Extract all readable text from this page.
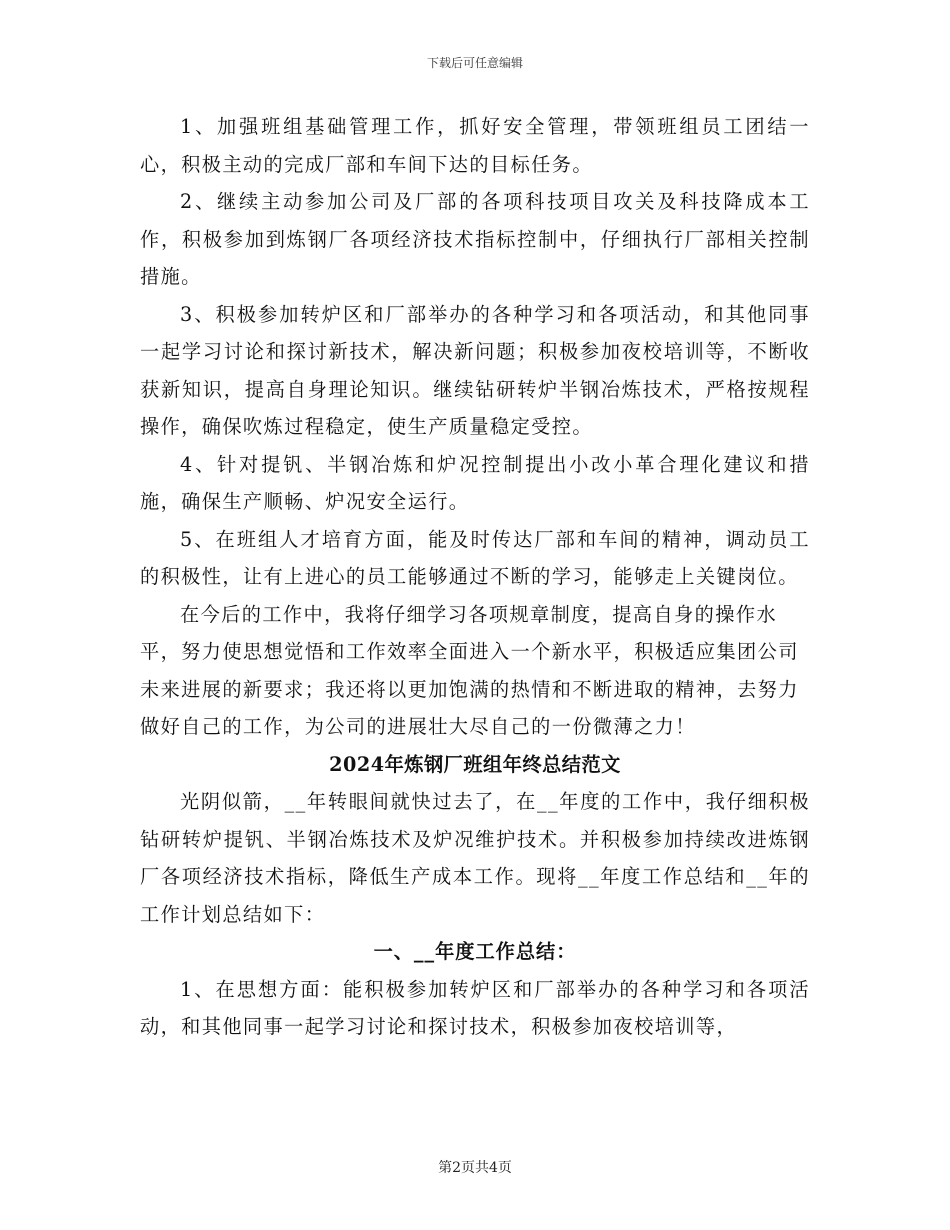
下载后可任意编辑

1、加强班组基础管理工作，抓好安全管理，带领班组员工团结一心，积极主动的完成厂部和车间下达的目标任务。

2、继续主动参加公司及厂部的各项科技项目攻关及科技降成本工作，积极参加到炼钢厂各项经济技术指标控制中，仔细执行厂部相关控制措施。

3、积极参加转炉区和厂部举办的各种学习和各项活动，和其他同事一起学习讨论和探讨新技术，解决新问题；积极参加夜校培训等，不断收获新知识，提高自身理论知识。继续钻研转炉半钢冶炼技术，严格按规程操作，确保吹炼过程稳定，使生产质量稳定受控。

4、针对提钒、半钢冶炼和炉况控制提出小改小革合理化建议和措施，确保生产顺畅、炉况安全运行。

5、在班组人才培育方面，能及时传达厂部和车间的精神，调动员工的积极性，让有上进心的员工能够通过不断的学习，能够走上关键岗位。

在今后的工作中，我将仔细学习各项规章制度，提高自身的操作水平，努力使思想觉悟和工作效率全面进入一个新水平，积极适应集团公司未来进展的新要求；我还将以更加饱满的热情和不断进取的精神，去努力做好自己的工作，为公司的进展壮大尽自己的一份微薄之力！

2024年炼钢厂班组年终总结范文

光阴似箭，__年转眼间就快过去了，在__年度的工作中，我仔细积极钻研转炉提钒、半钢冶炼技术及炉况维护技术。并积极参加持续改进炼钢厂各项经济技术指标，降低生产成本工作。现将__年度工作总结和__年的工作计划总结如下：

一、__年度工作总结：

1、在思想方面：能积极参加转炉区和厂部举办的各种学习和各项活动，和其他同事一起学习讨论和探讨技术，积极参加夜校培训等，

第2页共4页
